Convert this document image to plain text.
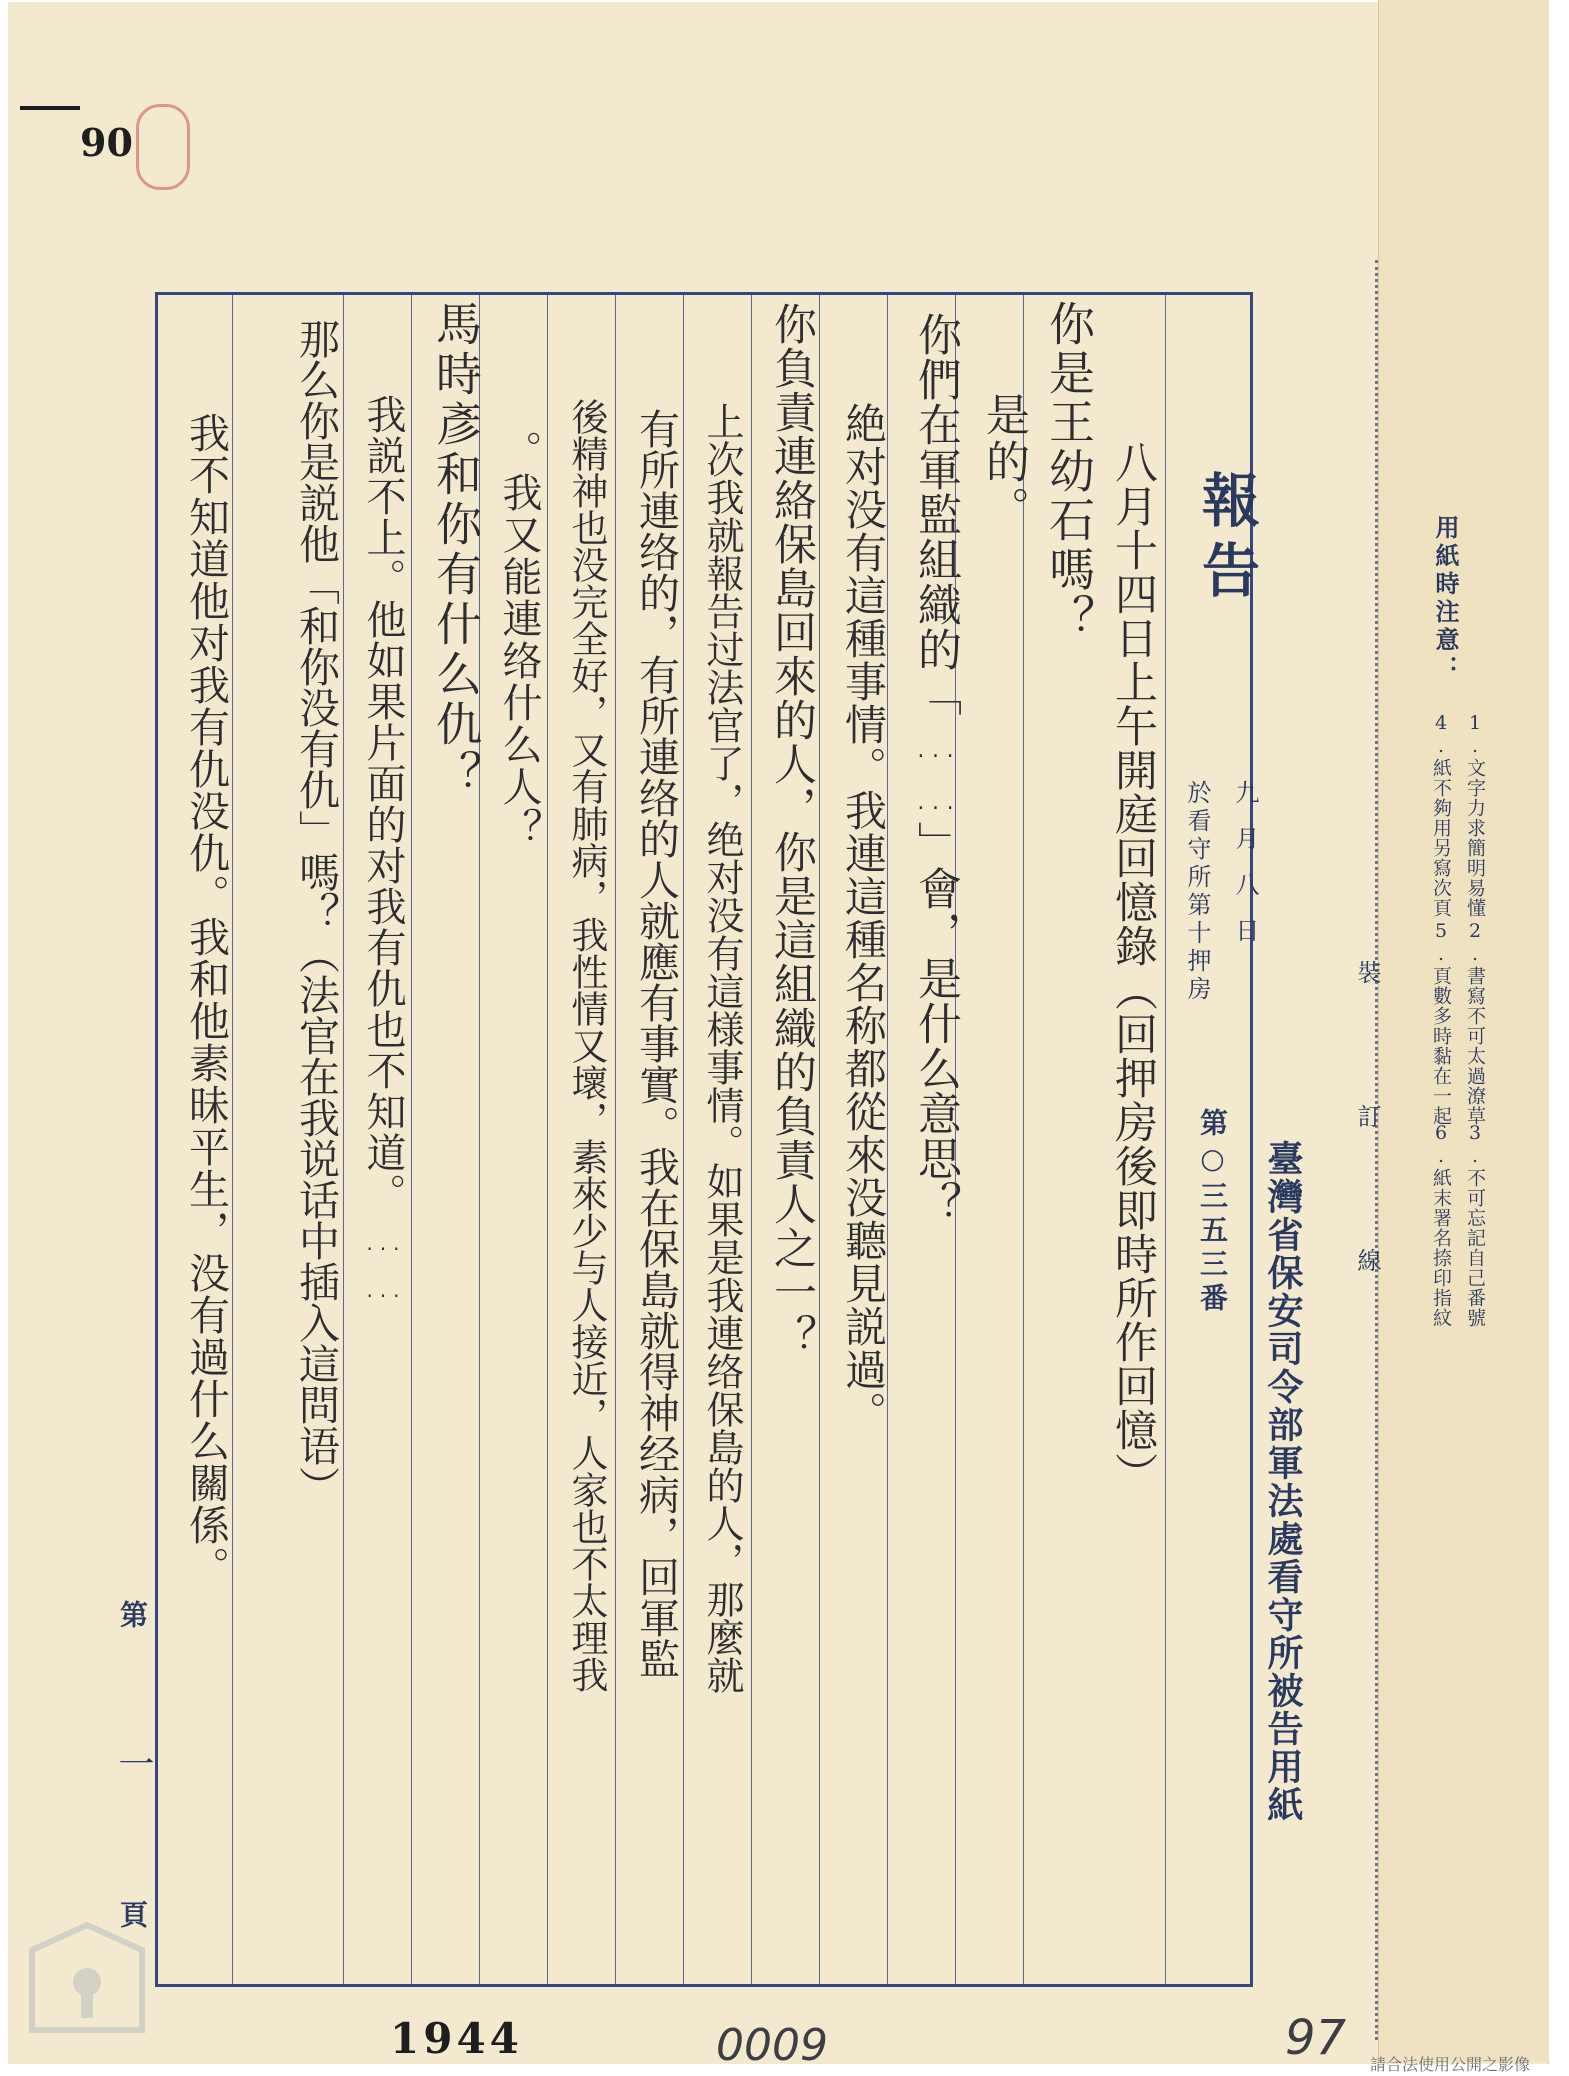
90
報告
九月八日
於看守所第十押房
第○三五三番 臺灣省保安司令部軍法處看守所被告用紙
八月十四日上午開庭回憶錄（回押房後即時所作回憶）
你是王幼石嗎？
是的。
你們在軍監組織的「……」會，是什么意思？
絶对没有這種事情。我連這種名称都從來没聽見説過。
你負責連絡保島回來的人，你是這組織的負責人之一？
上次我就報告过法官了，绝对没有這様事情。如果是我連络保島的人，那麼就
有所連络的，有所連络的人就應有事實。我在保島就得神经病，回軍監
後精神也没完全好，又有肺病，我性情又壞，素來少与人接近，人家也不太理我
。我又能連络什么人？
馬時彥和你有什么仇？
我説不上。他如果片面的对我有仇也不知道。……
那么你是説他「和你没有仇」嗎？（法官在我说话中插入這問语）
我不知道他对我有仇没仇。我和他素昧平生，没有過什么關係。
第
一
頁
裝　訂　線
用紙時注意：
1.文字力求簡明易懂
2.書寫不可太過潦草
3.不可忘記自己番號
4.紙不夠用另寫次頁
5.頁數多時黏在一起
6.紙末署名捺印指紋
1944	0009	97 請合法使用公開之影像
